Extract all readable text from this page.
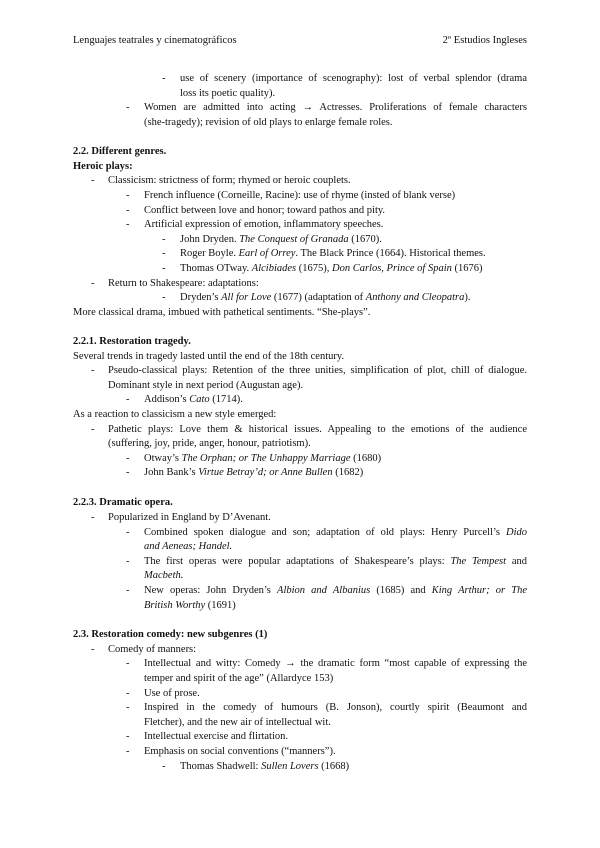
Lenguajes teatrales y cinematográficos	2º Estudios Ingleses
- use of scenery (importance of scenography): lost of verbal splendor (drama
loss its poetic quality).
- Women are admitted into acting → Actresses. Proliferations of female characters
(she-tragedy); revision of old plays to enlarge female roles.
2.2. Different genres.
Heroic plays:
- Classicism: strictness of form; rhymed or heroic couplets.
- French influence (Corneille, Racine): use of rhyme (insted of blank verse)
- Conflict between love and honor; toward pathos and pity.
- Artificial expression of emotion, inflammatory speeches.
- John Dryden. The Conquest of Granada (1670).
- Roger Boyle. Earl of Orrey. The Black Prince (1664). Historical themes.
- Thomas OTway. Alcibiades (1675), Don Carlos, Prince of Spain (1676)
- Return to Shakespeare: adaptations:
- Dryden’s All for Love (1677) (adaptation of Anthony and Cleopatra).
More classical drama, imbued with pathetical sentiments. “She-plays”.
2.2.1. Restoration tragedy.
Several trends in tragedy lasted until the end of the 18th century.
- Pseudo-classical plays: Retention of the three unities, simplification of plot, chill of dialogue.
Dominant style in next period (Augustan age).
- Addison’s Cato (1714).
As a reaction to classicism a new style emerged:
- Pathetic plays: Love them & historical issues. Appealing to the emotions of the audience
(suffering, joy, pride, anger, honour, patriotism).
- Otway’s The Orphan; or The Unhappy Marriage (1680)
- John Bank’s Virtue Betray’d; or Anne Bullen (1682)
2.2.3. Dramatic opera.
- Popularized in England by D’Avenant.
- Combined spoken dialogue and son; adaptation of old plays: Henry Purcell’s Dido
and Aeneas; Handel.
- The first operas were popular adaptations of Shakespeare’s plays: The Tempest and
Macbeth.
- New operas: John Dryden’s Albion and Albanius (1685) and King Arthur; or The
British Worthy (1691)
2.3. Restoration comedy: new subgenres (1)
- Comedy of manners:
- Intellectual and witty: Comedy → the dramatic form “most capable of expressing the
temper and spirit of the age” (Allardyce 153)
- Use of prose.
- Inspired in the comedy of humours (B. Jonson), courtly spirit (Beaumont and
Fletcher), and the new air of intellectual wit.
- Intellectual exercise and flirtation.
- Emphasis on social conventions (“manners”).
- Thomas Shadwell: Sullen Lovers (1668)
